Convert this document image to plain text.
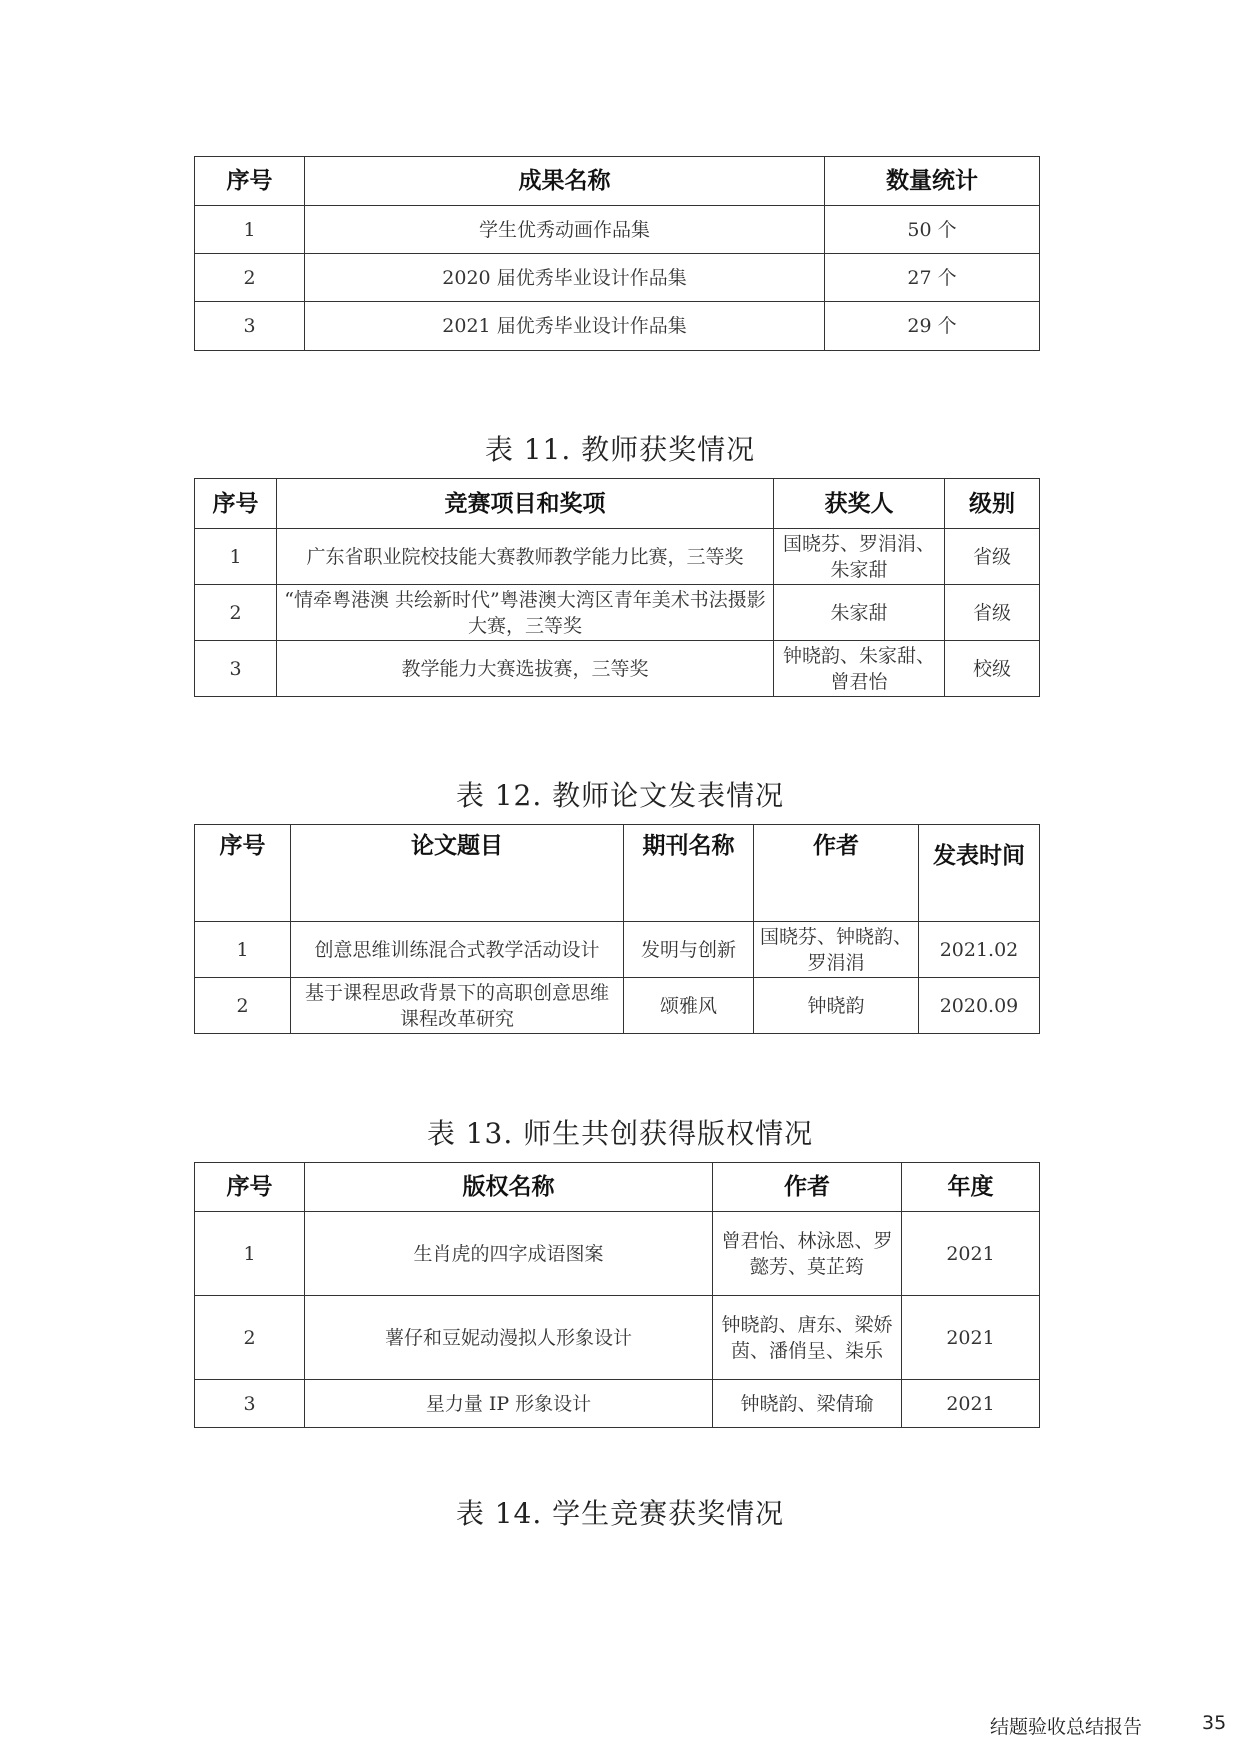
序号	成果名称	数量统计
1	学生优秀动画作品集	50 个
2	2020 届优秀毕业设计作品集	27 个
3	2021 届优秀毕业设计作品集	29 个
表 11. 教师获奖情况
序号	竞赛项目和奖项	获奖人	级别
1	广东省职业院校技能大赛教师教学能力比赛，三等奖	国晓芬、罗涓涓、朱家甜	省级
2	“情牵粤港澳 共绘新时代”粤港澳大湾区青年美术书法摄影大赛，三等奖	朱家甜	省级
3	教学能力大赛选拔赛，三等奖	钟晓韵、朱家甜、曾君怡	校级
表 12. 教师论文发表情况
序号	论文题目	期刊名称	作者	发表时间
1	创意思维训练混合式教学活动设计	发明与创新	国晓芬、钟晓韵、罗涓涓	2021.02
2	基于课程思政背景下的高职创意思维课程改革研究	颂雅风	钟晓韵	2020.09
表 13. 师生共创获得版权情况
序号	版权名称	作者	年度
1	生肖虎的四字成语图案	曾君怡、林泳恩、罗懿芳、莫芷筠	2021
2	薯仔和豆妮动漫拟人形象设计	钟晓韵、唐东、梁娇茵、潘俏呈、柒乐	2021
3	星力量 IP 形象设计	钟晓韵、梁倩瑜	2021
表 14. 学生竞赛获奖情况
结题验收总结报告	35
